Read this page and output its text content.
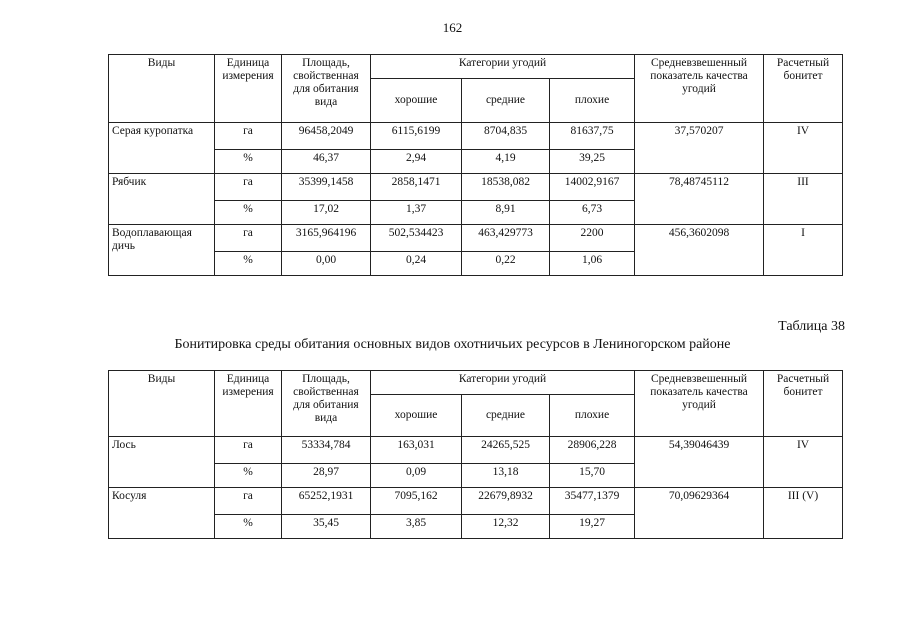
162
Виды	Единица измерения	Площадь, свойственная для обитания вида	Категории угодий			Средневзвешенный показатель качества угодий	Расчетный бонитет
			хорошие	средние	плохие		
Серая куропатка	га	96458,2049	6115,6199	8704,835	81637,75	37,570207	IV
	%	46,37	2,94	4,19	39,25		
Рябчик	га	35399,1458	2858,1471	18538,082	14002,9167	78,48745112	III
	%	17,02	1,37	8,91	6,73		
Водоплавающая дичь	га	3165,964196	502,534423	463,429773	2200	456,3602098	I
	%	0,00	0,24	0,22	1,06		
Таблица 38
Бонитировка среды обитания основных видов охотничьих ресурсов в Лениногорском районе
Виды	Единица измерения	Площадь, свойственная для обитания вида	Категории угодий			Средневзвешенный показатель качества угодий	Расчетный бонитет
			хорошие	средние	плохие		
Лось	га	53334,784	163,031	24265,525	28906,228	54,39046439	IV
	%	28,97	0,09	13,18	15,70		
Косуля	га	65252,1931	7095,162	22679,8932	35477,1379	70,09629364	III (V)
	%	35,45	3,85	12,32	19,27		
